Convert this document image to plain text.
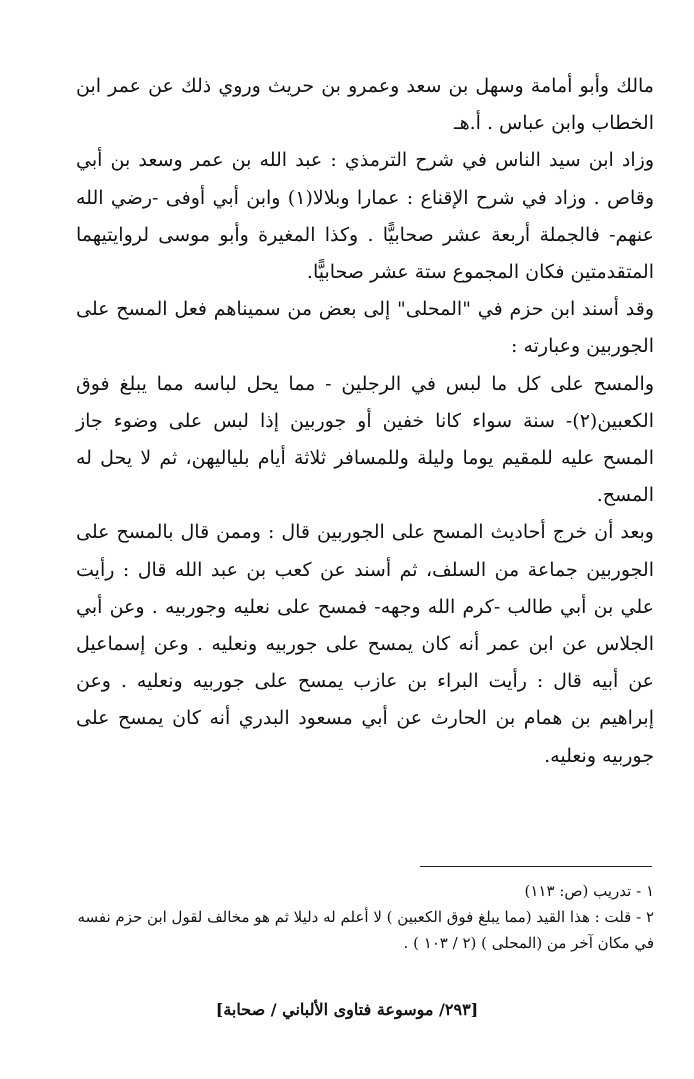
مالك وأبو أمامة وسهل بن سعد وعمرو بن حريث وروي ذلك عن عمر ابن الخطاب وابن عباس . أ.هـ

وزاد ابن سيد الناس في شرح الترمذي : عبد الله بن عمر وسعد بن أبي وقاص . وزاد في شرح الإقناع : عمارا وبلالا(١) وابن أبي أوفى -رضي الله عنهم- فالجملة أربعة عشر صحابيًّا . وكذا المغيرة وأبو موسى لروايتيهما المتقدمتين فكان المجموع ستة عشر صحابيًّا.

وقد أسند ابن حزم في "المحلى" إلى بعض من سميناهم فعل المسح على الجوربين وعبارته :

والمسح على كل ما لبس في الرجلين - مما يحل لباسه مما يبلغ فوق الكعبين(٢)- سنة سواء كانا خفين أو جوربين إذا لبس على وضوء جاز المسح عليه للمقيم يوما وليلة وللمسافر ثلاثة أيام بلياليهن، ثم لا يحل له المسح.

وبعد أن خرج أحاديث المسح على الجوربين قال : وممن قال بالمسح على الجوربين جماعة من السلف، ثم أسند عن كعب بن عبد الله قال : رأيت علي بن أبي طالب -كرم الله وجهه- فمسح على نعليه وجوربيه . وعن أبي الجلاس عن ابن عمر أنه كان يمسح على جوربيه ونعليه . وعن إسماعيل عن أبيه قال : رأيت البراء بن عازب يمسح على جوربيه ونعليه . وعن إبراهيم بن همام بن الحارث عن أبي مسعود البدري أنه كان يمسح على جوربيه ونعليه.

١ - تدريب (ص: ١١٣)

٢ - قلت : هذا القيد (مما يبلغ فوق الكعبين ) لا أعلم له دليلا ثم هو مخالف لقول ابن حزم نفسه في مكان آخر من (المحلى ) (٢ / ١٠٣ ) .

[٢٩٣/ موسوعة فتاوى الألباني / صحابة]
